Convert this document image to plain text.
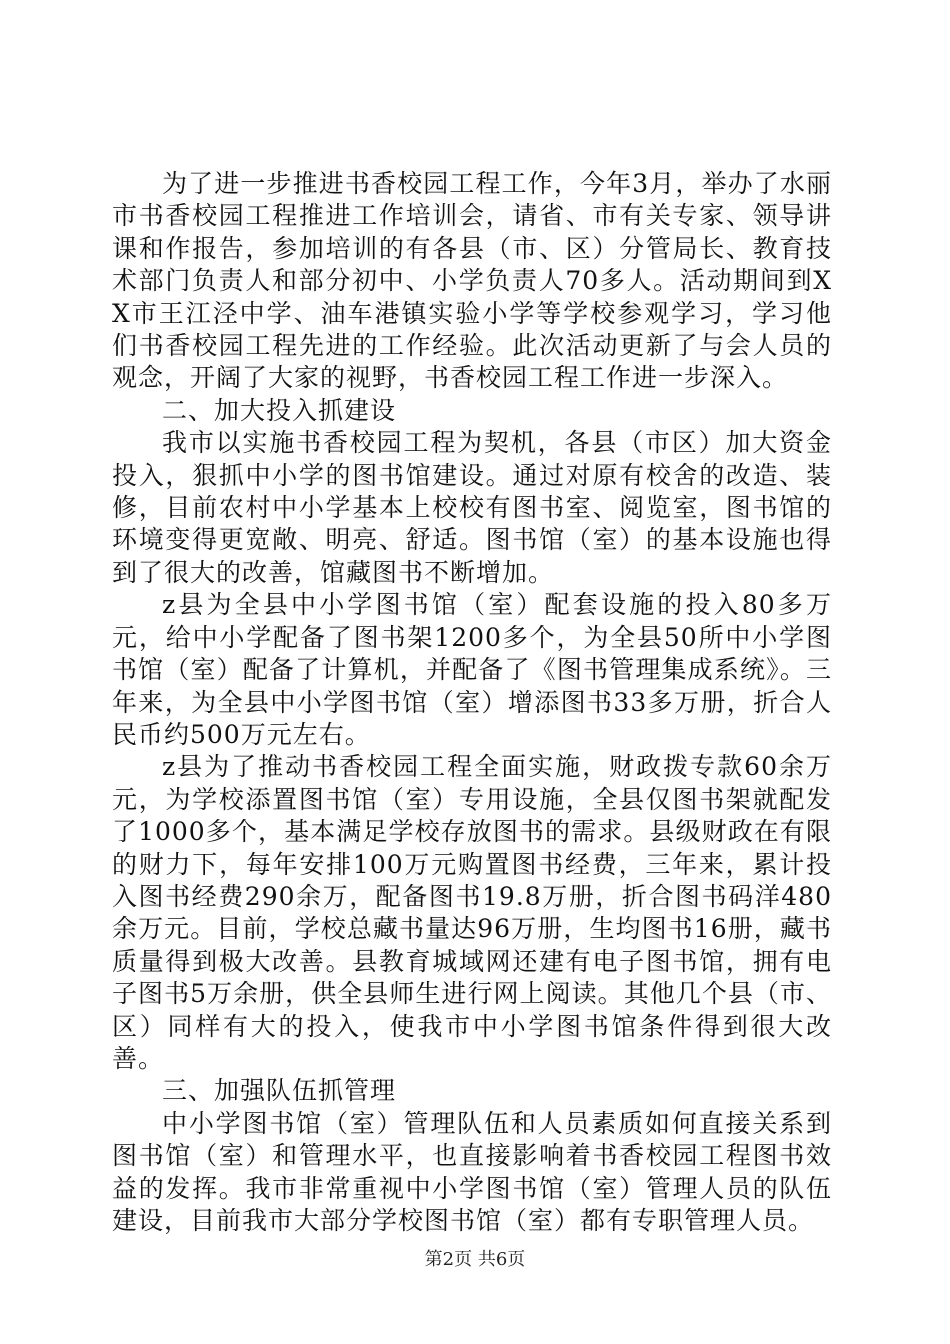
为了进一步推进书香校园工程工作，今年3月，举办了水丽市书香校园工程推进工作培训会，请省、市有关专家、领导讲课和作报告，参加培训的有各县（市、区）分管局长、教育技术部门负责人和部分初中、小学负责人70多人。活动期间到XX市王江泾中学、油车港镇实验小学等学校参观学习，学习他们书香校园工程先进的工作经验。此次活动更新了与会人员的观念，开阔了大家的视野，书香校园工程工作进一步深入。

二、加大投入抓建设

我市以实施书香校园工程为契机，各县（市区）加大资金投入，狠抓中小学的图书馆建设。通过对原有校舍的改造、装修，目前农村中小学基本上校校有图书室、阅览室，图书馆的环境变得更宽敞、明亮、舒适。图书馆（室）的基本设施也得到了很大的改善，馆藏图书不断增加。

z县为全县中小学图书馆（室）配套设施的投入80多万元，给中小学配备了图书架1200多个，为全县50所中小学图书馆（室）配备了计算机，并配备了《图书管理集成系统》。三年来，为全县中小学图书馆（室）增添图书33多万册，折合人民币约500万元左右。

z县为了推动书香校园工程全面实施，财政拨专款60余万元，为学校添置图书馆（室）专用设施，全县仅图书架就配发了1000多个，基本满足学校存放图书的需求。县级财政在有限的财力下，每年安排100万元购置图书经费，三年来，累计投入图书经费290余万，配备图书19.8万册，折合图书码洋480余万元。目前，学校总藏书量达96万册，生均图书16册，藏书质量得到极大改善。县教育城域网还建有电子图书馆，拥有电子图书5万余册，供全县师生进行网上阅读。其他几个县（市、区）同样有大的投入，使我市中小学图书馆条件得到很大改善。

三、加强队伍抓管理

中小学图书馆（室）管理队伍和人员素质如何直接关系到图书馆（室）和管理水平，也直接影响着书香校园工程图书效益的发挥。我市非常重视中小学图书馆（室）管理人员的队伍建设，目前我市大部分学校图书馆（室）都有专职管理人员。

第2页 共6页
